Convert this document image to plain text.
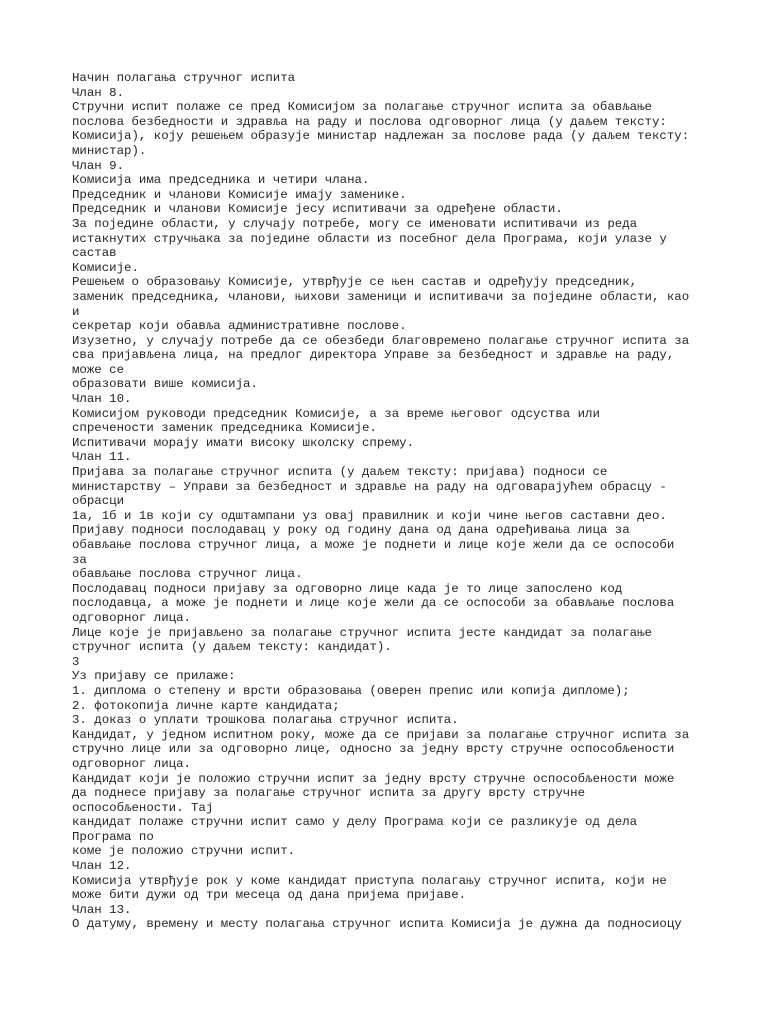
Начин полагања стручног испита
Члан 8.
Стручни испит полаже се пред Комисијом за полагање стручног испита за обављање
послова безбедности и здравља на раду и послова одговорног лица (у даљем тексту:
Комисија), коју решењем образује министар надлежан за послове рада (у даљем тексту:
министар).
Члан 9.
Комисија има председника и четири члана.
Председник и чланови Комисије имају заменике.
Председник и чланови Комисије јесу испитивачи за одређене области.
За поједине области, у случају потребе, могу се именовати испитивачи из реда
истакнутих стручњака за поједине области из посебног дела Програма, који улазе у
састав
Комисије.
Решењем о образовању Комисије, утврђује се њен састав и одређују председник,
заменик председника, чланови, њихови заменици и испитивачи за поједине области, као
и
секретар који обавља административне послове.
Изузетно, у случају потребе да се обезбеди благовремено полагање стручног испита за
сва пријављена лица, на предлог директора Управе за безбедност и здравље на раду,
може се
образовати више комисија.
Члан 10.
Комисијом руководи председник Комисије, а за време његовог одсуства или
спречености заменик председника Комисије.
Испитивачи морају имати високу школску спрему.
Члан 11.
Пријава за полагање стручног испита (у даљем тексту: пријава) подноси се
министарству – Управи за безбедност и здравље на раду на одговарајућем обрасцу -
обрасци
1а, 1б и 1в који су одштампани уз овај правилник и који чине његов саставни део.
Пријаву подноси послодавац у року од годину дана од дана одређивања лица за
обављање послова стручног лица, а може је поднети и лице које жели да се оспособи
за
обављање послова стручног лица.
Послодавац подноси пријаву за одговорно лице када је то лице запослено код
послодавца, а може је поднети и лице које жели да се оспособи за обављање послова
одговорног лица.
Лице које је пријављено за полагање стручног испита јесте кандидат за полагање
стручног испита (у даљем тексту: кандидат).
3
Уз пријаву се прилаже:
1. диплома о степену и врсти образовања (оверен препис или копија дипломе);
2. фотокопија личне карте кандидата;
3. доказ о уплати трошкова полагања стручног испита.
Кандидат, у једном испитном року, може да се пријави за полагање стручног испита за
стручно лице или за одговорно лице, односно за једну врсту стручне оспособљености
одговорног лица.
Кандидат који је положио стручни испит за једну врсту стручне оспособљености може
да поднесе пријаву за полагање стручног испита за другу врсту стручне
оспособљености. Тај
кандидат полаже стручни испит само у делу Програма који се разликује од дела
Програма по
коме је положио стручни испит.
Члан 12.
Комисија утврђује рок у коме кандидат приступа полагању стручног испита, који не
може бити дужи од три месеца од дана пријема пријаве.
Члан 13.
О датуму, времену и месту полагања стручног испита Комисија је дужна да подносиоцу
